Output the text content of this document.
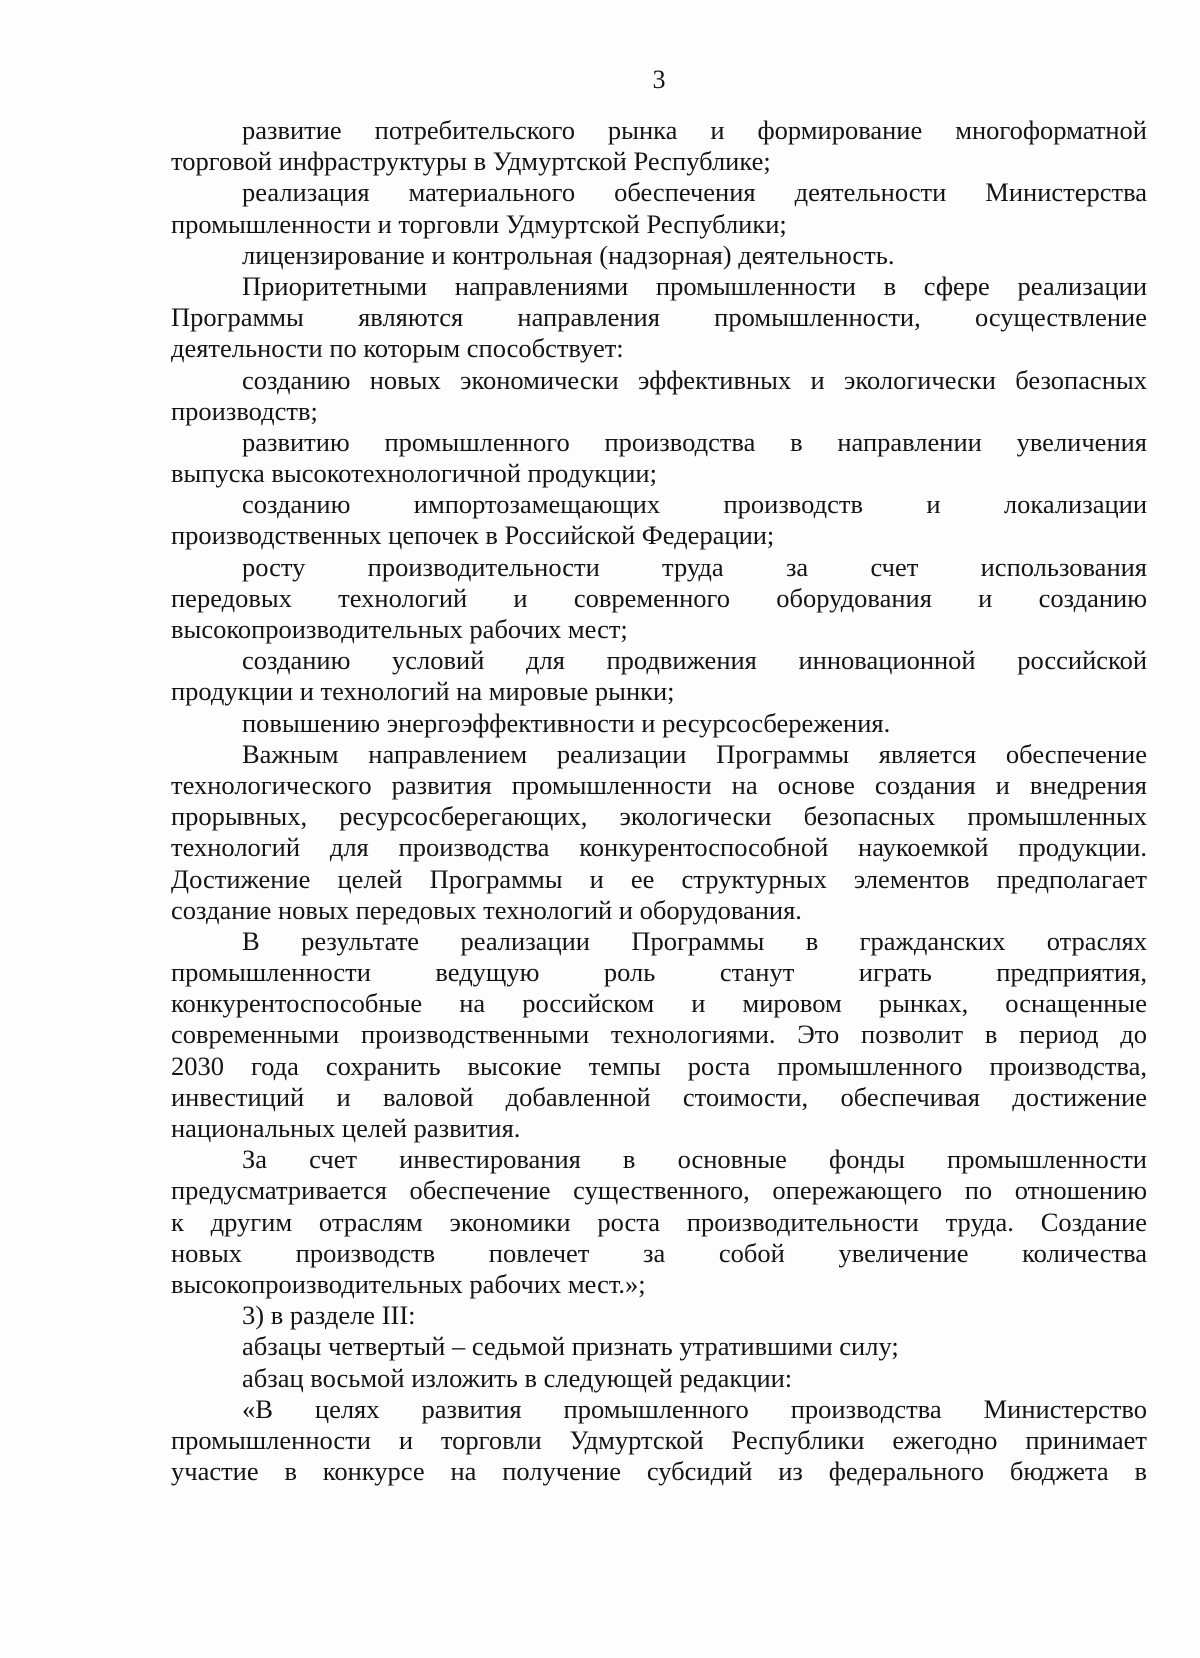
3
развитие потребительского рынка и формирование многоформатной
торговой инфраструктуры в Удмуртской Республике;
реализация материального обеспечения деятельности Министерства
промышленности и торговли Удмуртской Республики;
лицензирование и контрольная (надзорная) деятельность.
Приоритетными направлениями промышленности в сфере реализации
Программы являются направления промышленности, осуществление
деятельности по которым способствует:
созданию новых экономически эффективных и экологически безопасных
производств;
развитию промышленного производства в направлении увеличения
выпуска высокотехнологичной продукции;
созданию импортозамещающих производств и локализации
производственных цепочек в Российской Федерации;
росту производительности труда за счет использования
передовых технологий и современного оборудования и созданию
высокопроизводительных рабочих мест;
созданию условий для продвижения инновационной российской
продукции и технологий на мировые рынки;
повышению энергоэффективности и ресурсосбережения.
Важным направлением реализации Программы является обеспечение
технологического развития промышленности на основе создания и внедрения
прорывных, ресурсосберегающих, экологически безопасных промышленных
технологий для производства конкурентоспособной наукоемкой продукции.
Достижение целей Программы и ее структурных элементов предполагает
создание новых передовых технологий и оборудования.
В результате реализации Программы в гражданских отраслях
промышленности ведущую роль станут играть предприятия,
конкурентоспособные на российском и мировом рынках, оснащенные
современными производственными технологиями. Это позволит в период до
2030 года сохранить высокие темпы роста промышленного производства,
инвестиций и валовой добавленной стоимости, обеспечивая достижение
национальных целей развития.
За счет инвестирования в основные фонды промышленности
предусматривается обеспечение существенного, опережающего по отношению
к другим отраслям экономики роста производительности труда. Создание
новых производств повлечет за собой увеличение количества
высокопроизводительных рабочих мест.»;
3) в разделе III:
абзацы четвертый – седьмой признать утратившими силу;
абзац восьмой изложить в следующей редакции:
«В целях развития промышленного производства Министерство
промышленности и торговли Удмуртской Республики ежегодно принимает
участие в конкурсе на получение субсидий из федерального бюджета в
